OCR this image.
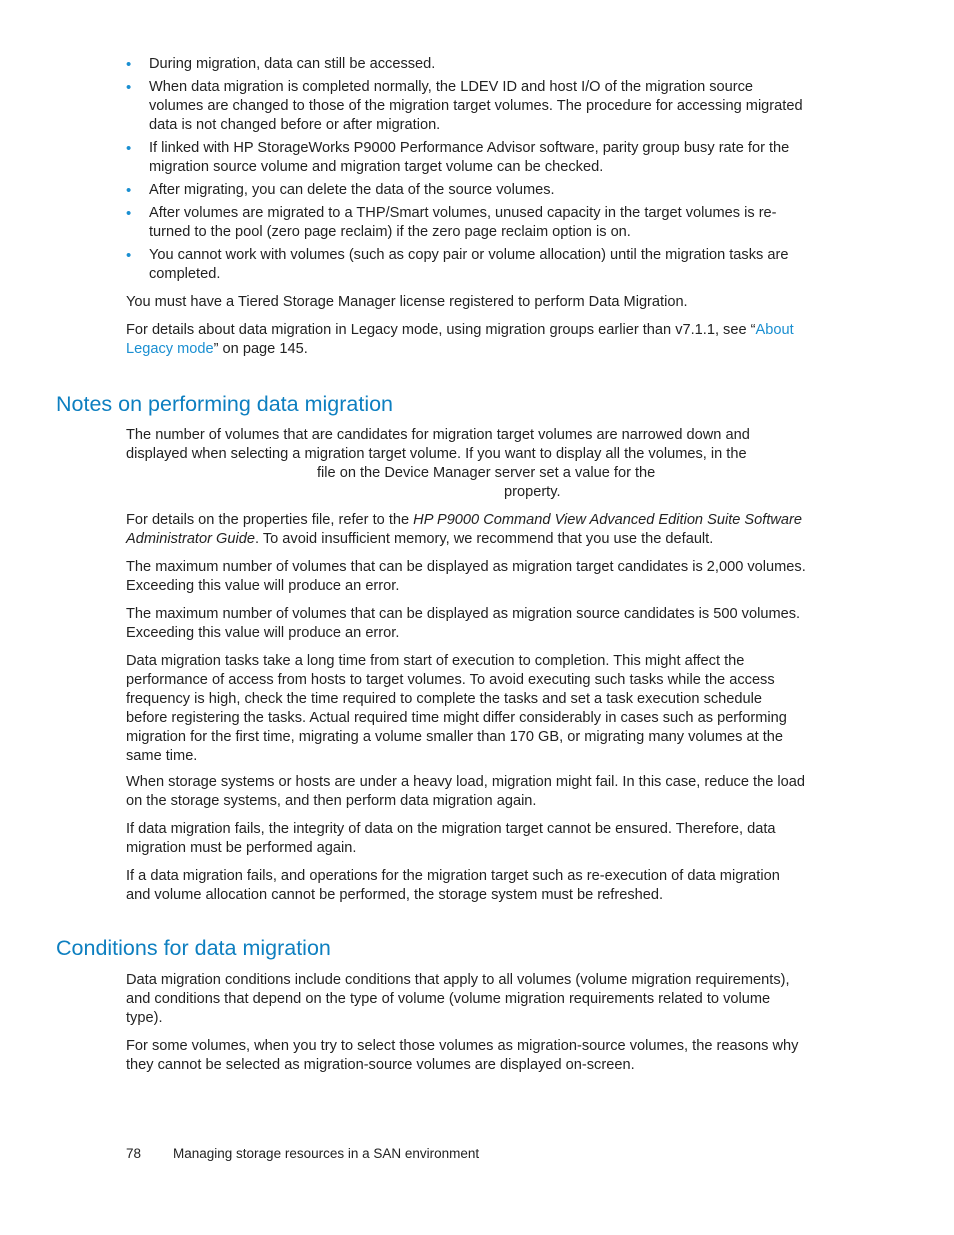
• During migration, data can still be accessed.
• When data migration is completed normally, the LDEV ID and host I/O of the migration source volumes are changed to those of the migration target volumes. The procedure for accessing migrated data is not changed before or after migration.
• If linked with HP StorageWorks P9000 Performance Advisor software, parity group busy rate for the migration source volume and migration target volume can be checked.
• After migrating, you can delete the data of the source volumes.
• After volumes are migrated to a THP/Smart volumes, unused capacity in the target volumes is re-turned to the pool (zero page reclaim) if the zero page reclaim option is on.
• You cannot work with volumes (such as copy pair or volume allocation) until the migration tasks are completed.

You must have a Tiered Storage Manager license registered to perform Data Migration.

For details about data migration in Legacy mode, using migration groups earlier than v7.1.1, see “About Legacy mode” on page 145.

Notes on performing data migration
The number of volumes that are candidates for migration target volumes are narrowed down and
displayed when selecting a migration target volume. If you want to display all the volumes, in the
file on the Device Manager server set a value for the
property.

For details on the properties file, refer to the HP P9000 Command View Advanced Edition Suite Software Administrator Guide. To avoid insufficient memory, we recommend that you use the default.

The maximum number of volumes that can be displayed as migration target candidates is 2,000 volumes. Exceeding this value will produce an error.

The maximum number of volumes that can be displayed as migration source candidates is 500 volumes. Exceeding this value will produce an error.

Data migration tasks take a long time from start of execution to completion. This might affect the performance of access from hosts to target volumes. To avoid executing such tasks while the access frequency is high, check the time required to complete the tasks and set a task execution schedule before registering the tasks. Actual required time might differ considerably in cases such as performing migration for the first time, migrating a volume smaller than 170 GB, or migrating many volumes at the same time.

When storage systems or hosts are under a heavy load, migration might fail. In this case, reduce the load on the storage systems, and then perform data migration again.

If data migration fails, the integrity of data on the migration target cannot be ensured. Therefore, data migration must be performed again.

If a data migration fails, and operations for the migration target such as re-execution of data migration and volume allocation cannot be performed, the storage system must be refreshed.

Conditions for data migration

Data migration conditions include conditions that apply to all volumes (volume migration requirements), and conditions that depend on the type of volume (volume migration requirements related to volume type).

For some volumes, when you try to select those volumes as migration-source volumes, the reasons why they cannot be selected as migration-source volumes are displayed on-screen.

78 Managing storage resources in a SAN environment
